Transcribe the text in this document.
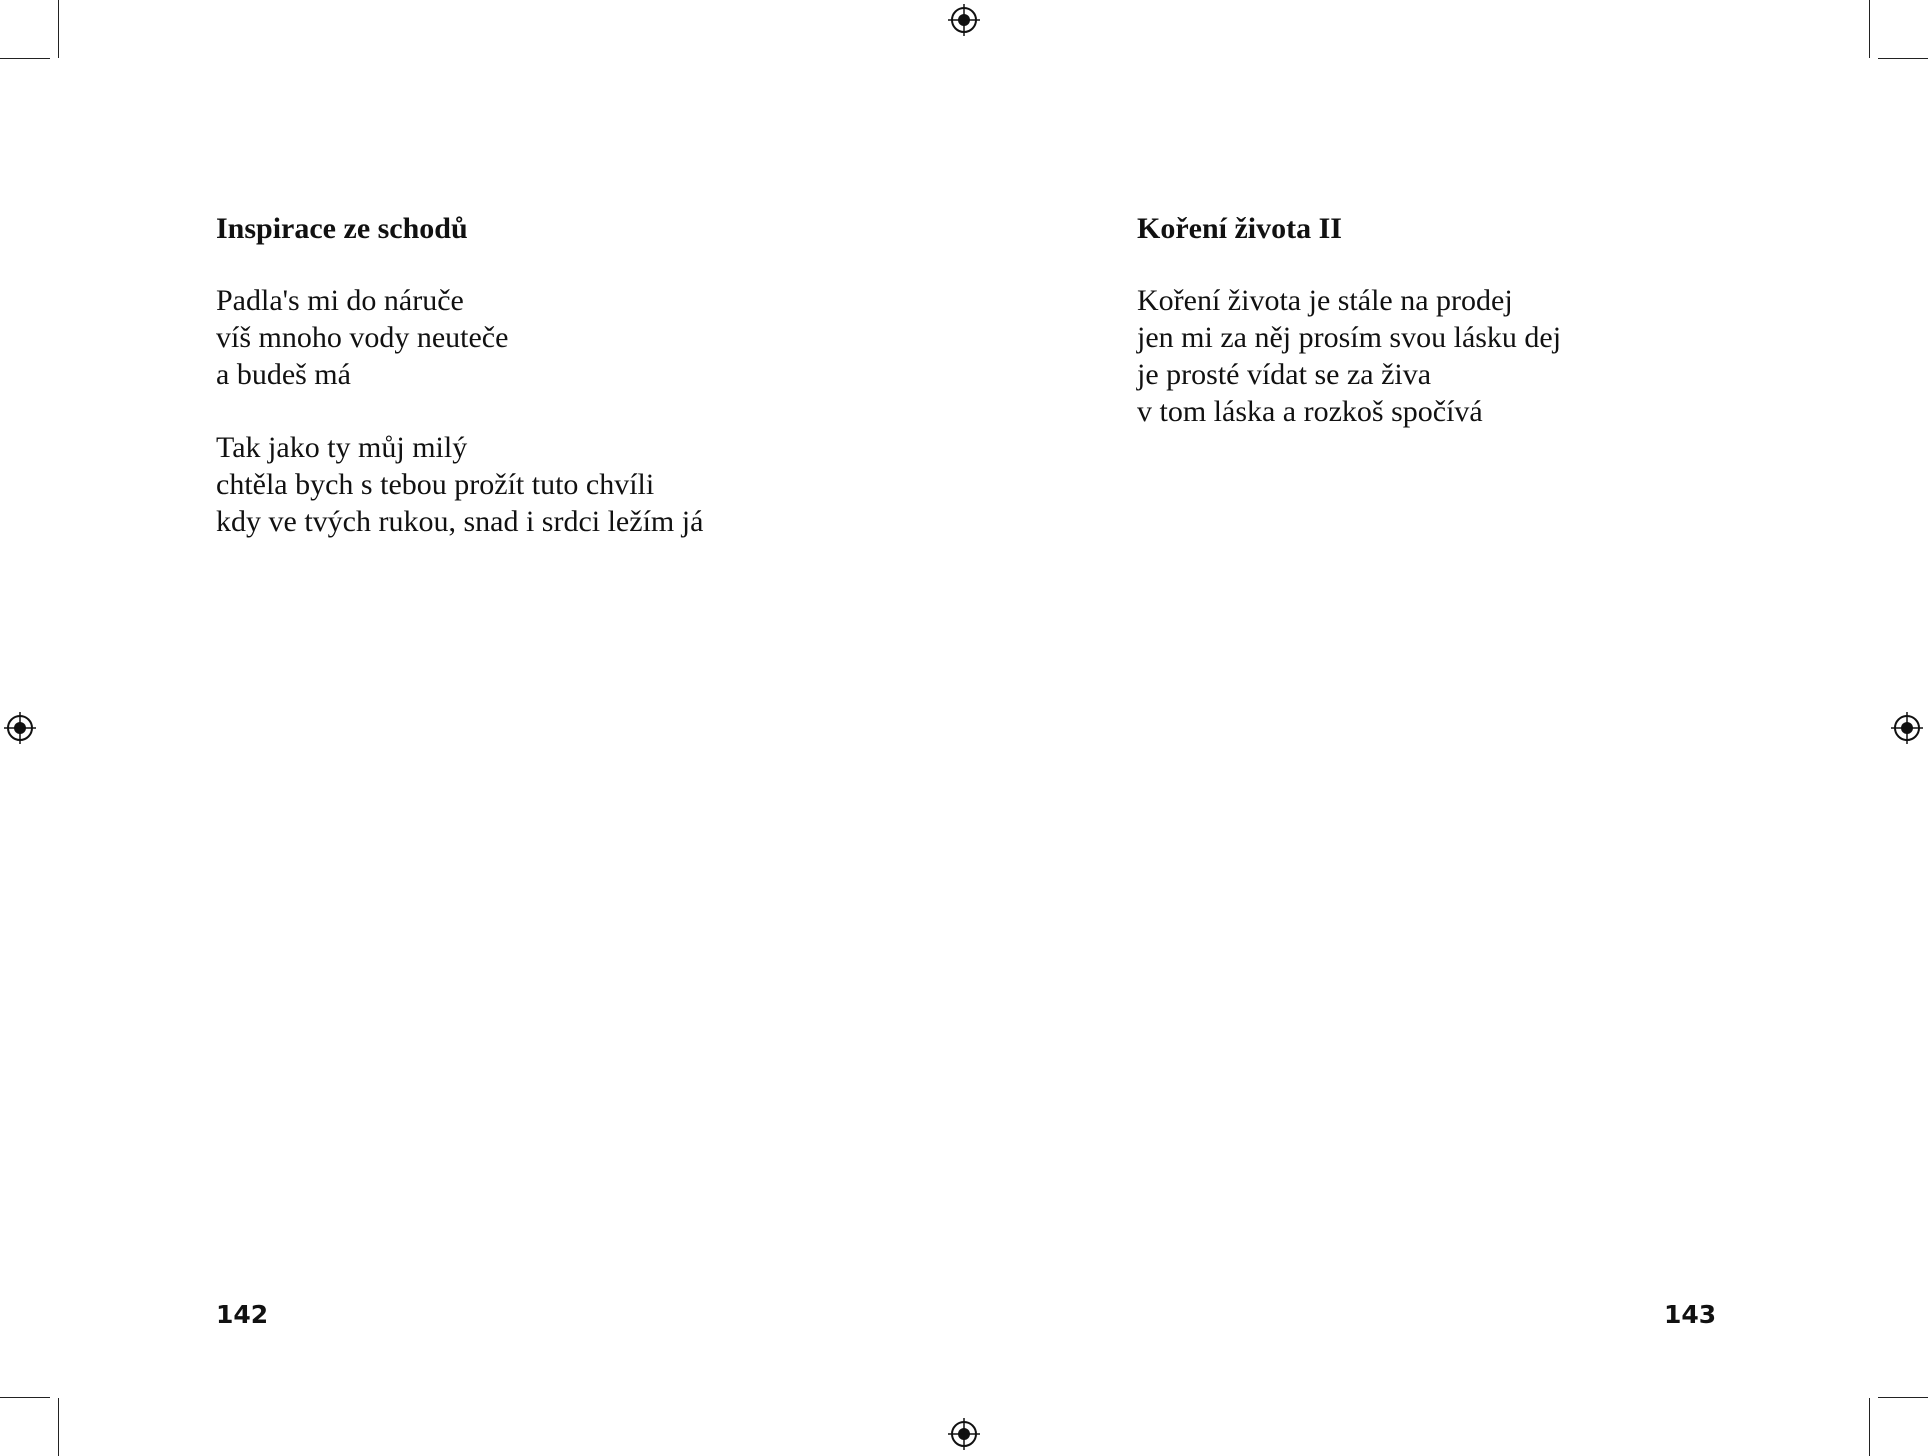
Inspirace ze schodů
Padla's mi do náruče
víš mnoho vody neuteče
a budeš má
Tak jako ty můj milý
chtěla bych s tebou prožít tuto chvíli
kdy ve tvých rukou, snad i srdci ležím já
142
Koření života II
Koření života je stále na prodej
jen mi za něj prosím svou lásku dej
je prosté vídat se za živa
v tom láska a rozkoš spočívá
143
